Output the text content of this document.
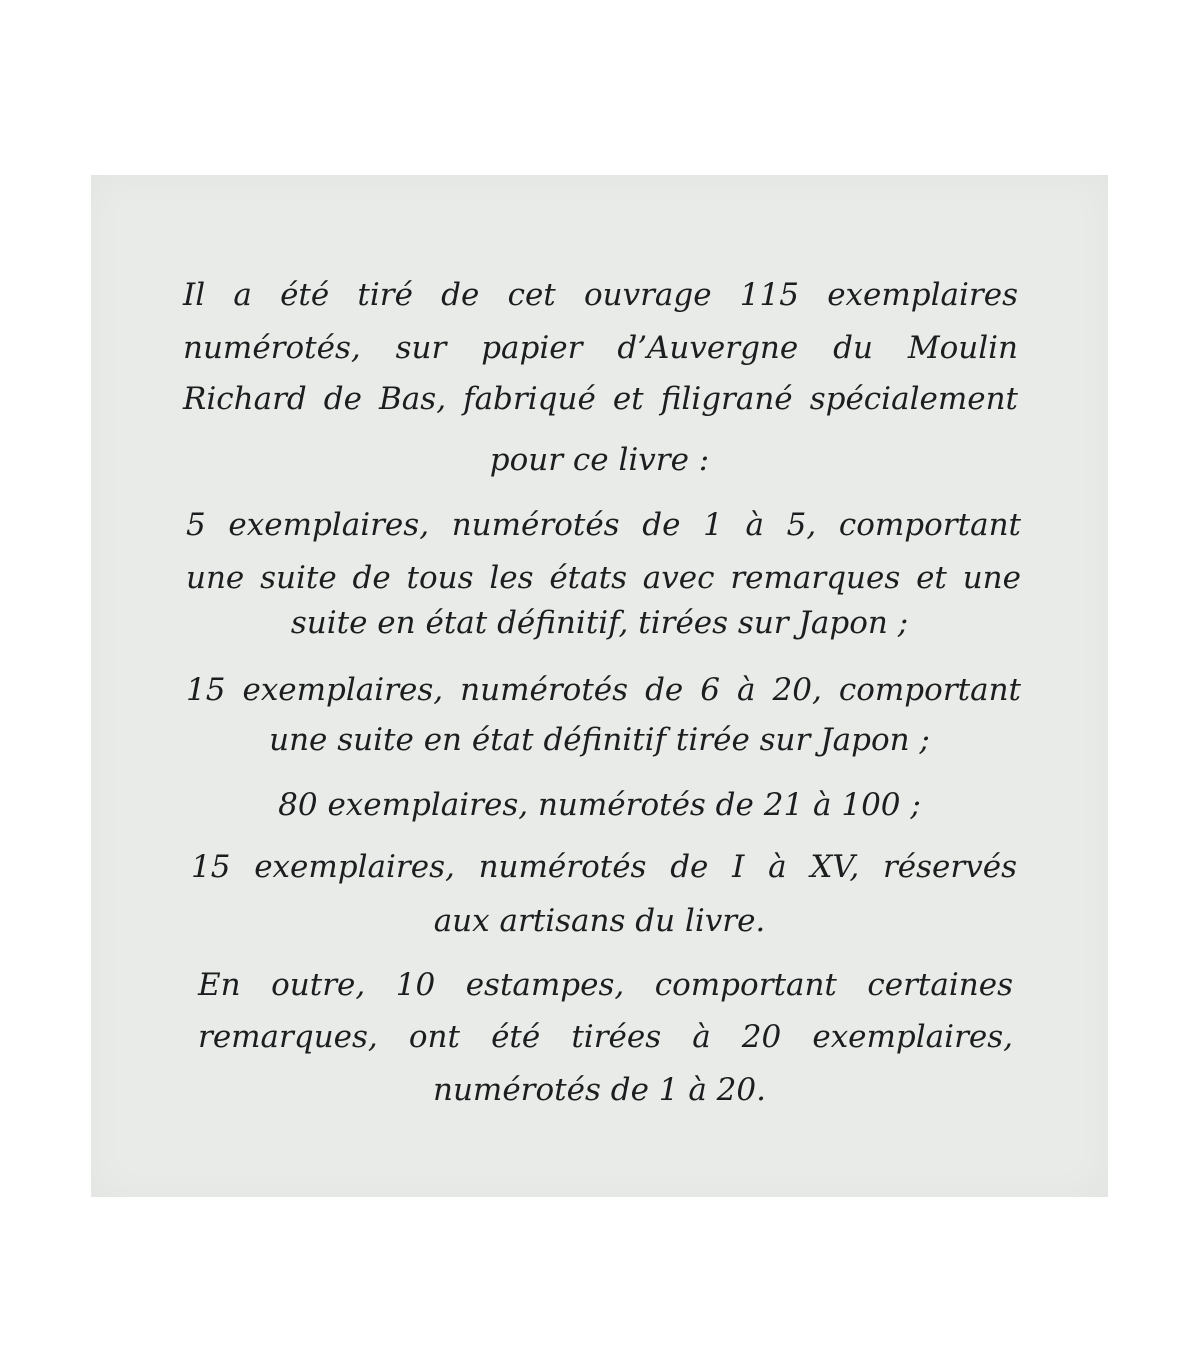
Il a été tiré de cet ouvrage 115 exemplaires
numérotés, sur papier d’Auvergne du Moulin
Richard de Bas, fabriqué et filigrané spécialement
pour ce livre :
5 exemplaires, numérotés de 1 à 5, comportant
une suite de tous les états avec remarques et une
suite en état définitif, tirées sur Japon ;
15 exemplaires, numérotés de 6 à 20, comportant
une suite en état définitif tirée sur Japon ;
80 exemplaires, numérotés de 21 à 100 ;
15 exemplaires, numérotés de I à XV, réservés
aux artisans du livre.
En outre, 10 estampes, comportant certaines
remarques, ont été tirées à 20 exemplaires,
numérotés de 1 à 20.
